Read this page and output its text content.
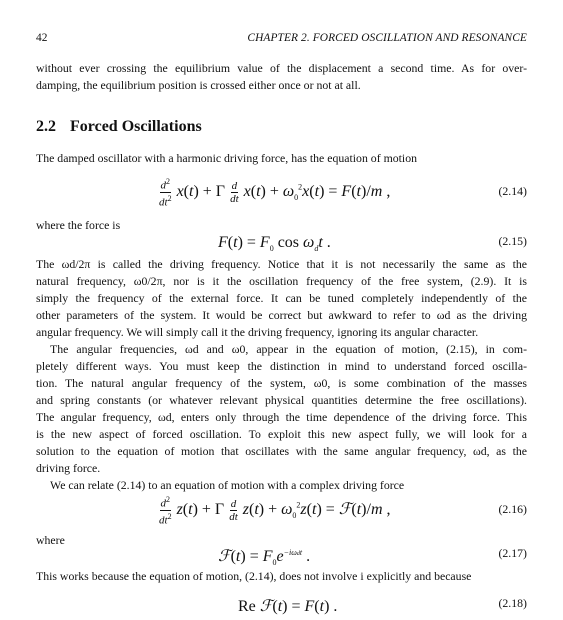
42	CHAPTER 2. FORCED OSCILLATION AND RESONANCE
without ever crossing the equilibrium value of the displacement a second time. As for over-
damping, the equilibrium position is crossed either once or not at all.
2.2 Forced Oscillations
The damped oscillator with a harmonic driving force, has the equation of motion
$\frac{d^2}{dt^2} x(t) + \Gamma \frac{d}{dt} x(t) + \omega_0^2x(t) = F(t)/m$ ,	(2.14)
where the force is
$F(t) = F_0$ $\cos \omega_dt$ .	(2.15)
The ωd/2π is called the driving frequency. Notice that it is not necessarily the same as the
natural frequency, ω0/2π, nor is it the oscillation frequency of the free system, (2.9). It is
simply the frequency of the external force. It can be tuned completely independently of the
other parameters of the system. It would be correct but awkward to refer to ωd as the driving
angular frequency. We will simply call it the driving frequency, ignoring its angular character.
The angular frequencies, ωd and ω0, appear in the equation of motion, (2.15), in com-
pletely different ways. You must keep the distinction in mind to understand forced oscilla-
tion. The natural angular frequency of the system, ω0, is some combination of the masses
and spring constants (or whatever relevant physical quantities determine the free oscillations).
The angular frequency, ωd, enters only through the time dependence of the driving force. This
is the new aspect of forced oscillation. To exploit this new aspect fully, we will look for a
solution to the equation of motion that oscillates with the same angular frequency, ωd, as the
driving force.
We can relate (2.14) to an equation of motion with a complex driving force
$\frac{d^2}{dt^2} z(t) + \Gamma \frac{d}{dt} z(t) + \omega_0^2z(t)$ = ℱ(t)/m ,	(2.16)
where
ℱ(t) = $F_0e^{-i\omega dt}$ .	(2.17)
This works because the equation of motion, (2.14), does not involve i explicitly and because
Re ℱ(t) = F(t) .	(2.18)
